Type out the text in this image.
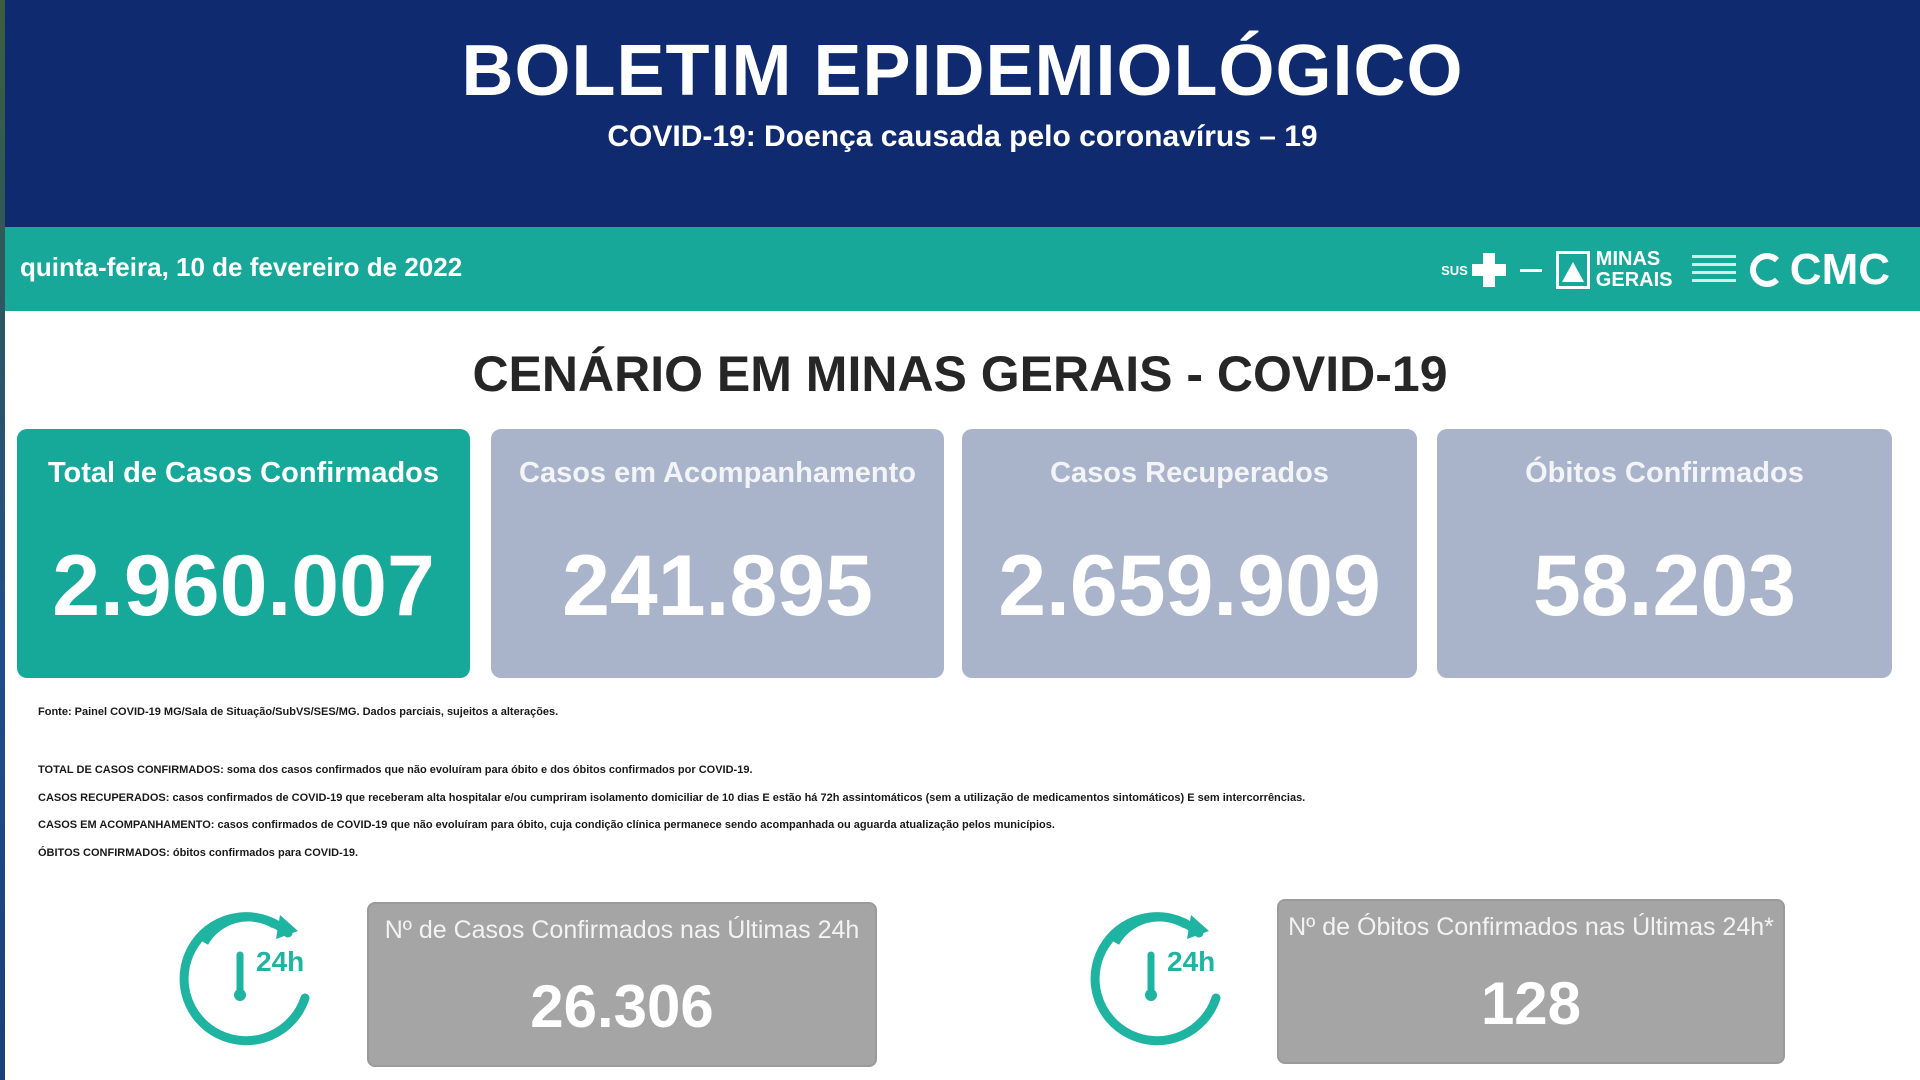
BOLETIM EPIDEMIOLÓGICO
COVID-19: Doença causada pelo coronavírus – 19
quinta-feira, 10 de fevereiro de 2022	SUS	MINAS
GERAIS	CMC
CENÁRIO EM MINAS GERAIS - COVID-19
Total de Casos Confirmados
2.960.007
Casos em Acompanhamento
241.895
Casos Recuperados
2.659.909
Óbitos Confirmados
58.203
Fonte: Painel COVID-19 MG/Sala de Situação/SubVS/SES/MG. Dados parciais, sujeitos a alterações.
TOTAL DE CASOS CONFIRMADOS: soma dos casos confirmados que não evoluíram para óbito e dos óbitos confirmados por COVID-19.
CASOS RECUPERADOS: casos confirmados de COVID-19 que receberam alta hospitalar e/ou cumpriram isolamento domiciliar de 10 dias E estão há 72h assintomáticos (sem a utilização de medicamentos sintomáticos) E sem intercorrências.
CASOS EM ACOMPANHAMENTO: casos confirmados de COVID-19 que não evoluíram para óbito, cuja condição clínica permanece sendo acompanhada ou aguarda atualização pelos municípios.
ÓBITOS CONFIRMADOS: óbitos confirmados para COVID-19.
24h
Nº de Casos Confirmados nas Últimas 24h
26.306
24h
Nº de Óbitos Confirmados nas Últimas 24h*
128
